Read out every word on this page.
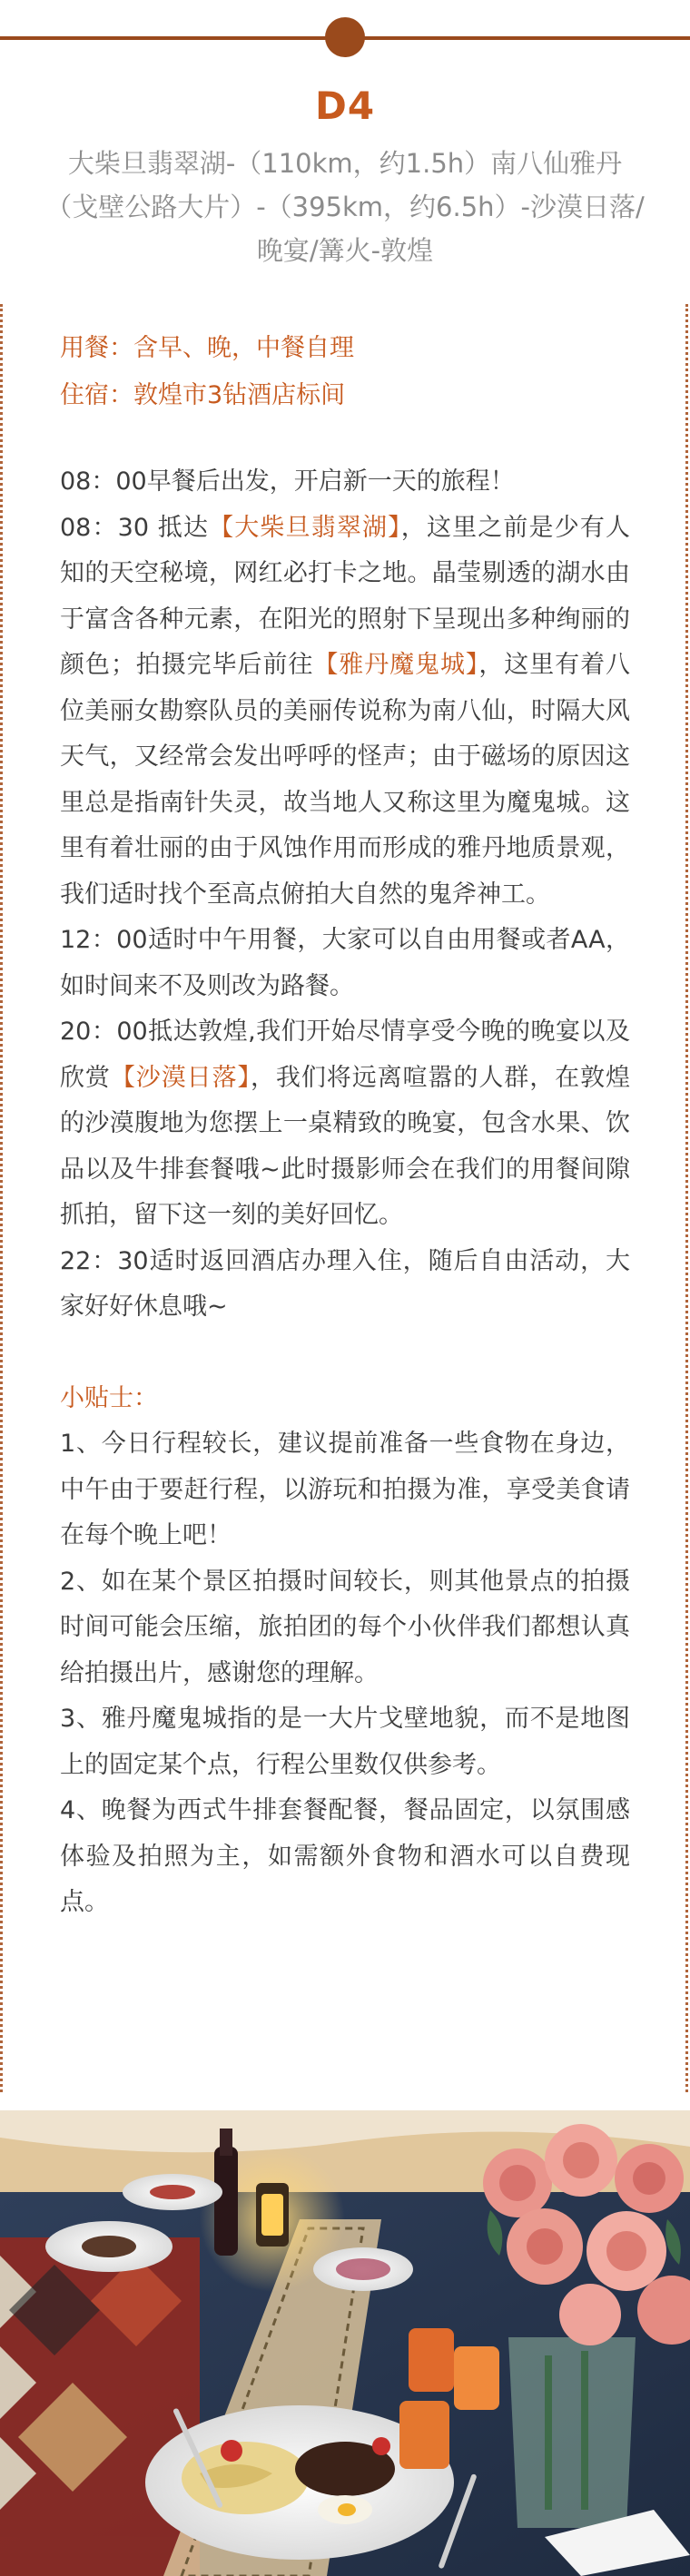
D4
大柴旦翡翠湖-（110km，约1.5h）南八仙雅丹（戈壁公路大片）-（395km，约6.5h）-沙漠日落/晚宴/篝火-敦煌
用餐：含早、晚，中餐自理
住宿：敦煌市3钻酒店标间

08：00早餐后出发，开启新一天的旅程！

08：30 抵达【大柴旦翡翠湖】，这里之前是少有人知的天空秘境，网红必打卡之地。晶莹剔透的湖水由于富含各种元素，在阳光的照射下呈现出多种绚丽的颜色；拍摄完毕后前往【雅丹魔鬼城】，这里有着八位美丽女勘察队员的美丽传说称为南八仙，时隔大风天气，又经常会发出呼呼的怪声；由于磁场的原因这里总是指南针失灵，故当地人又称这里为魔鬼城。这里有着壮丽的由于风蚀作用而形成的雅丹地质景观，我们适时找个至高点俯拍大自然的鬼斧神工。

12：00适时中午用餐，大家可以自由用餐或者AA，如时间来不及则改为路餐。

20：00抵达敦煌,我们开始尽情享受今晚的晚宴以及欣赏【沙漠日落】，我们将远离喧嚣的人群，在敦煌的沙漠腹地为您摆上一桌精致的晚宴，包含水果、饮品以及牛排套餐哦~此时摄影师会在我们的用餐间隙抓拍，留下这一刻的美好回忆。

22：30适时返回酒店办理入住，随后自由活动，大家好好休息哦~

小贴士：

1、今日行程较长，建议提前准备一些食物在身边，中午由于要赶行程，以游玩和拍摄为准，享受美食请在每个晚上吧！

2、如在某个景区拍摄时间较长，则其他景点的拍摄时间可能会压缩，旅拍团的每个小伙伴我们都想认真给拍摄出片，感谢您的理解。

3、雅丹魔鬼城指的是一大片戈壁地貌，而不是地图上的固定某个点，行程公里数仅供参考。

4、晚餐为西式牛排套餐配餐，餐品固定，以氛围感体验及拍照为主，如需额外食物和酒水可以自费现点。
